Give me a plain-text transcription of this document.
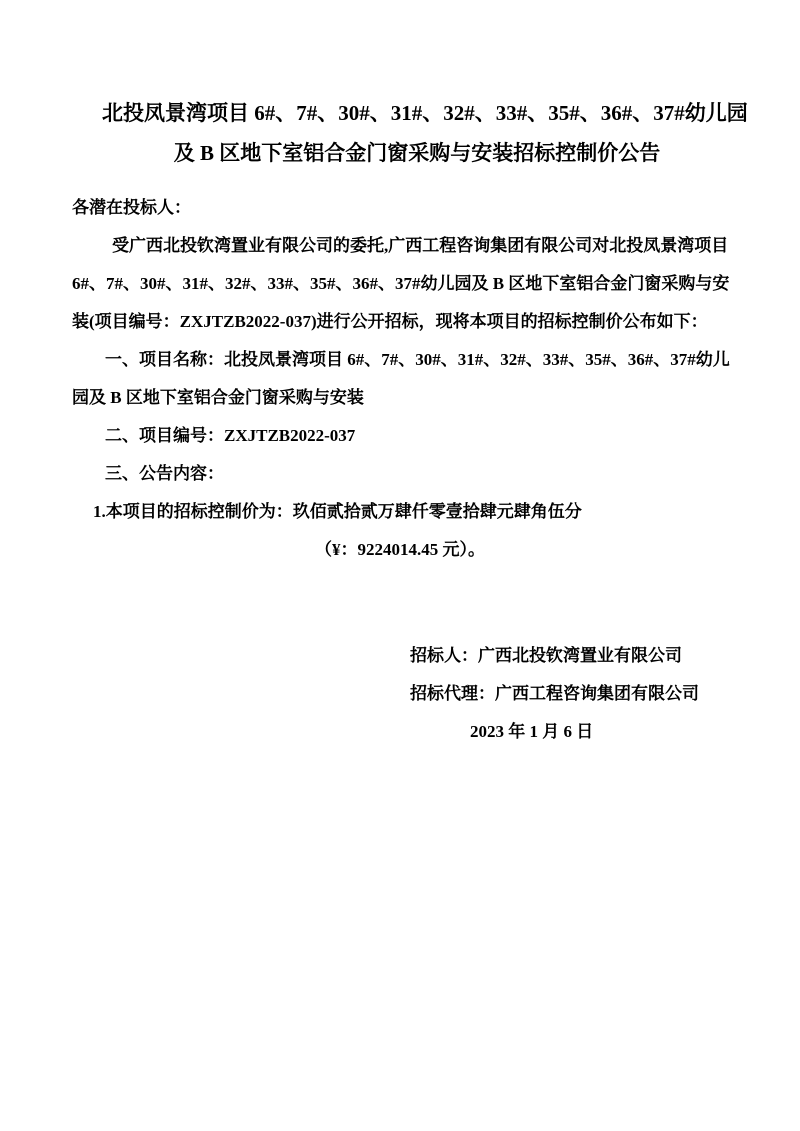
北投凤景湾项目 6#、7#、30#、31#、32#、33#、35#、36#、37#幼儿园
及 B 区地下室铝合金门窗采购与安装招标控制价公告
各潜在投标人：
受广西北投钦湾置业有限公司的委托,广西工程咨询集团有限公司对北投凤景湾项目
6#、7#、30#、31#、32#、33#、35#、36#、37#幼儿园及 B 区地下室铝合金门窗采购与安
装(项目编号：ZXJTZB2022-037)进行公开招标，现将本项目的招标控制价公布如下：
一、项目名称：北投凤景湾项目 6#、7#、30#、31#、32#、33#、35#、36#、37#幼儿
园及 B 区地下室铝合金门窗采购与安装
二、项目编号：ZXJTZB2022-037
三、公告内容：
1.本项目的招标控制价为：玖佰贰拾贰万肆仟零壹拾肆元肆角伍分
（¥：9224014.45 元）。
招标人：广西北投钦湾置业有限公司
招标代理：广西工程咨询集团有限公司
2023 年 1 月 6 日
